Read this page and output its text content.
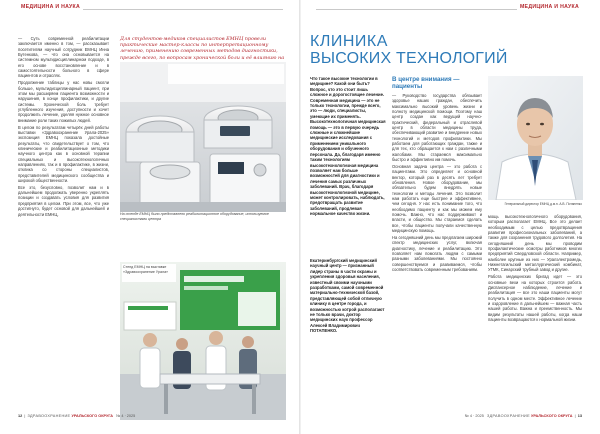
МЕДИЦИНА И НАУКА	МЕДИЦИНА И НАУКА

— Суть современной реабилитации заключается именно в том, — рассказывает посетителям научный сотрудник ЕМНЦ Инна Бутенкова, — что она основывается на системном мультидисциплинарном подходе, в его основе восстановление и в самостоятельности больного в сфере пациентов и отраслях.

Продолжение таблицы у нас новы смогли больше, мультидисциплинарный пациент, при этом мы расширяем пациента возможности и нарушения, в конце профилактики, и другие системы. Хронической боль требует углубленного изучения, доступности и хочет продолжить лечение, уделяя нужное основное внимание роли таких пожилых людей.

В целом по результатам четырёх дней работы выставки «Здравоохранение Урала-2025» экспозиция ЕМНЦ показала достойные результаты, что свидетельствует о том, что клинические и реабилитационные методики научного центра как в основной терапии специальных и высокотехнологичных направлениях, так и в профилактике, в жизни, отклика со стороны специалистов, представителей медицинского сообщества и широкой общественности.

Все это, безусловно, позволит нам и в дальнейшем продолжать уверенно укреплять позиции и создавать условия для развития предприятия в целом. При этом, все, что уже достигнуто, будет основой для дальнейшей и деятельности ЕМНЦ.

Для студентов-медиков специалистов ЕМНЦ провели практические мастер-классы по интерпретационному лечению, применению современных методов диагностики, прежде всего, по вопросам хронической боли и её влиянию на
На стенде ЕМНЦ было представлено реабилитационное оборудование, используемое специалистами центра
Стенд ЕМНЦ на выставке «Здравоохранение Урала»
КЛИНИКА
ВЫСОКИХ ТЕХНОЛОГИЙ
Что такое высокие технологии в медицине? Какой они быть? Вопрос, что это стоит лишь сложное и дорогостоящее лечение. Современная медицина — это не только технологии, прежде всего, это — люди, специалисты, умеющие их применять. Высокотехнологичная медицинская помощь — это в первую очередь сложные и сложнейшие медицинские исследования с применением уникального оборудования и обученного персонала. Да, благодаря именно таким технологиям высокотехнологичная медицина позволяет нам больше возможностей для диагностики и лечения самых различных заболеваний. Врач, благодаря высокотехнологичной медицине, может контролировать, наблюдать, предотвращать развитие заболеваний, продлевая нормальное качество жизни.
Екатеринбургский медицинский научный центр — признанный лидер страны в части охраны и укрепления здоровья населения, известный своими научными разработками, самой современной материально-технической базой, представляющей собой отличную клинику в центре города, и возможностью котрой располагают не только врачи, доктор медицинских наук профессор Алексей Владимирович ПОТАПЕНКО.
В центре внимания — пациенты

— Руководство государства обязывает здоровье наших граждан, обеспечить максимально высокий уровень жизни и полноту медицинской помощи. Поэтому наш центр создан как ведущий научно-практический, федеральный и отраслевой центр в области медицины труда, обеспечивающий развитие и внедрение новых технологий и методов профилактики. Мы работаем для работающих граждан, также и для тех, кто обращается к нам с различными жалобами. Мы стараемся максимально быстро и эффективно им помочь.

Основная задача центра — это работа с пациентами. Это определяет и основной вектор, который раз в десять лет требует обновления. Новое оборудование, мы обязательно будем внедрять новые технологии и методы лечения. Это позволит нам работать еще быстрее и эффективнее, чем сегодня. У нас есть понимание того, что необходимо пациенту и как мы можем ему помочь. Важно, что нас поддерживают и власти, и общество. Мы стараемся сделать все, чтобы пациенты получали качественную медицинскую помощь.

На сегодняшний день мы предлагаем широкий спектр медицинских услуг, включая диагностику, лечение и реабилитацию. Это позволяет нам помогать людям с самыми разными заболеваниями. Мы постоянно совершенствуемся и развиваемся, чтобы соответствовать современным требованиям.

Генеральный директор ЕМНЦ д.м.н. А.В. Потапенко

мощь высокотехнологичного оборудования, которым располагает ЕМНЦ. Все это делает необходимым с целью предотвращения развития профессиональных заболеваний, а также для сохранения трудового долголетия. На сегодняшний день мы проводим профилактические осмотры работников многих предприятий Свердловской области. Например, наиболее крупные из них — Уралэлектромедь, Нижнетагильский металлургический комбинат, УГМК, Синарский трубный завод и другие.

Работа медицинских бригад идет — это основные вехи на которых строится работа. Диспансерное наблюдение, лечение и реабилитация — все это наши пациенты могут получить в одном месте. Эффективное лечение и оздоровление в дальнейшем — важная часть нашей работы. Важна и преемственность. Мы видим результаты нашей работы, когда наши пациенты возвращаются к нормальной жизни.

12  |  ЗДРАВООХРАНЕНИЕ УРАЛЬСКОГО ОКРУГА № 4 · 2025	№ 4 · 2025 ЗДРАВООХРАНЕНИЕ УРАЛЬСКОГО ОКРУГА  |  13
